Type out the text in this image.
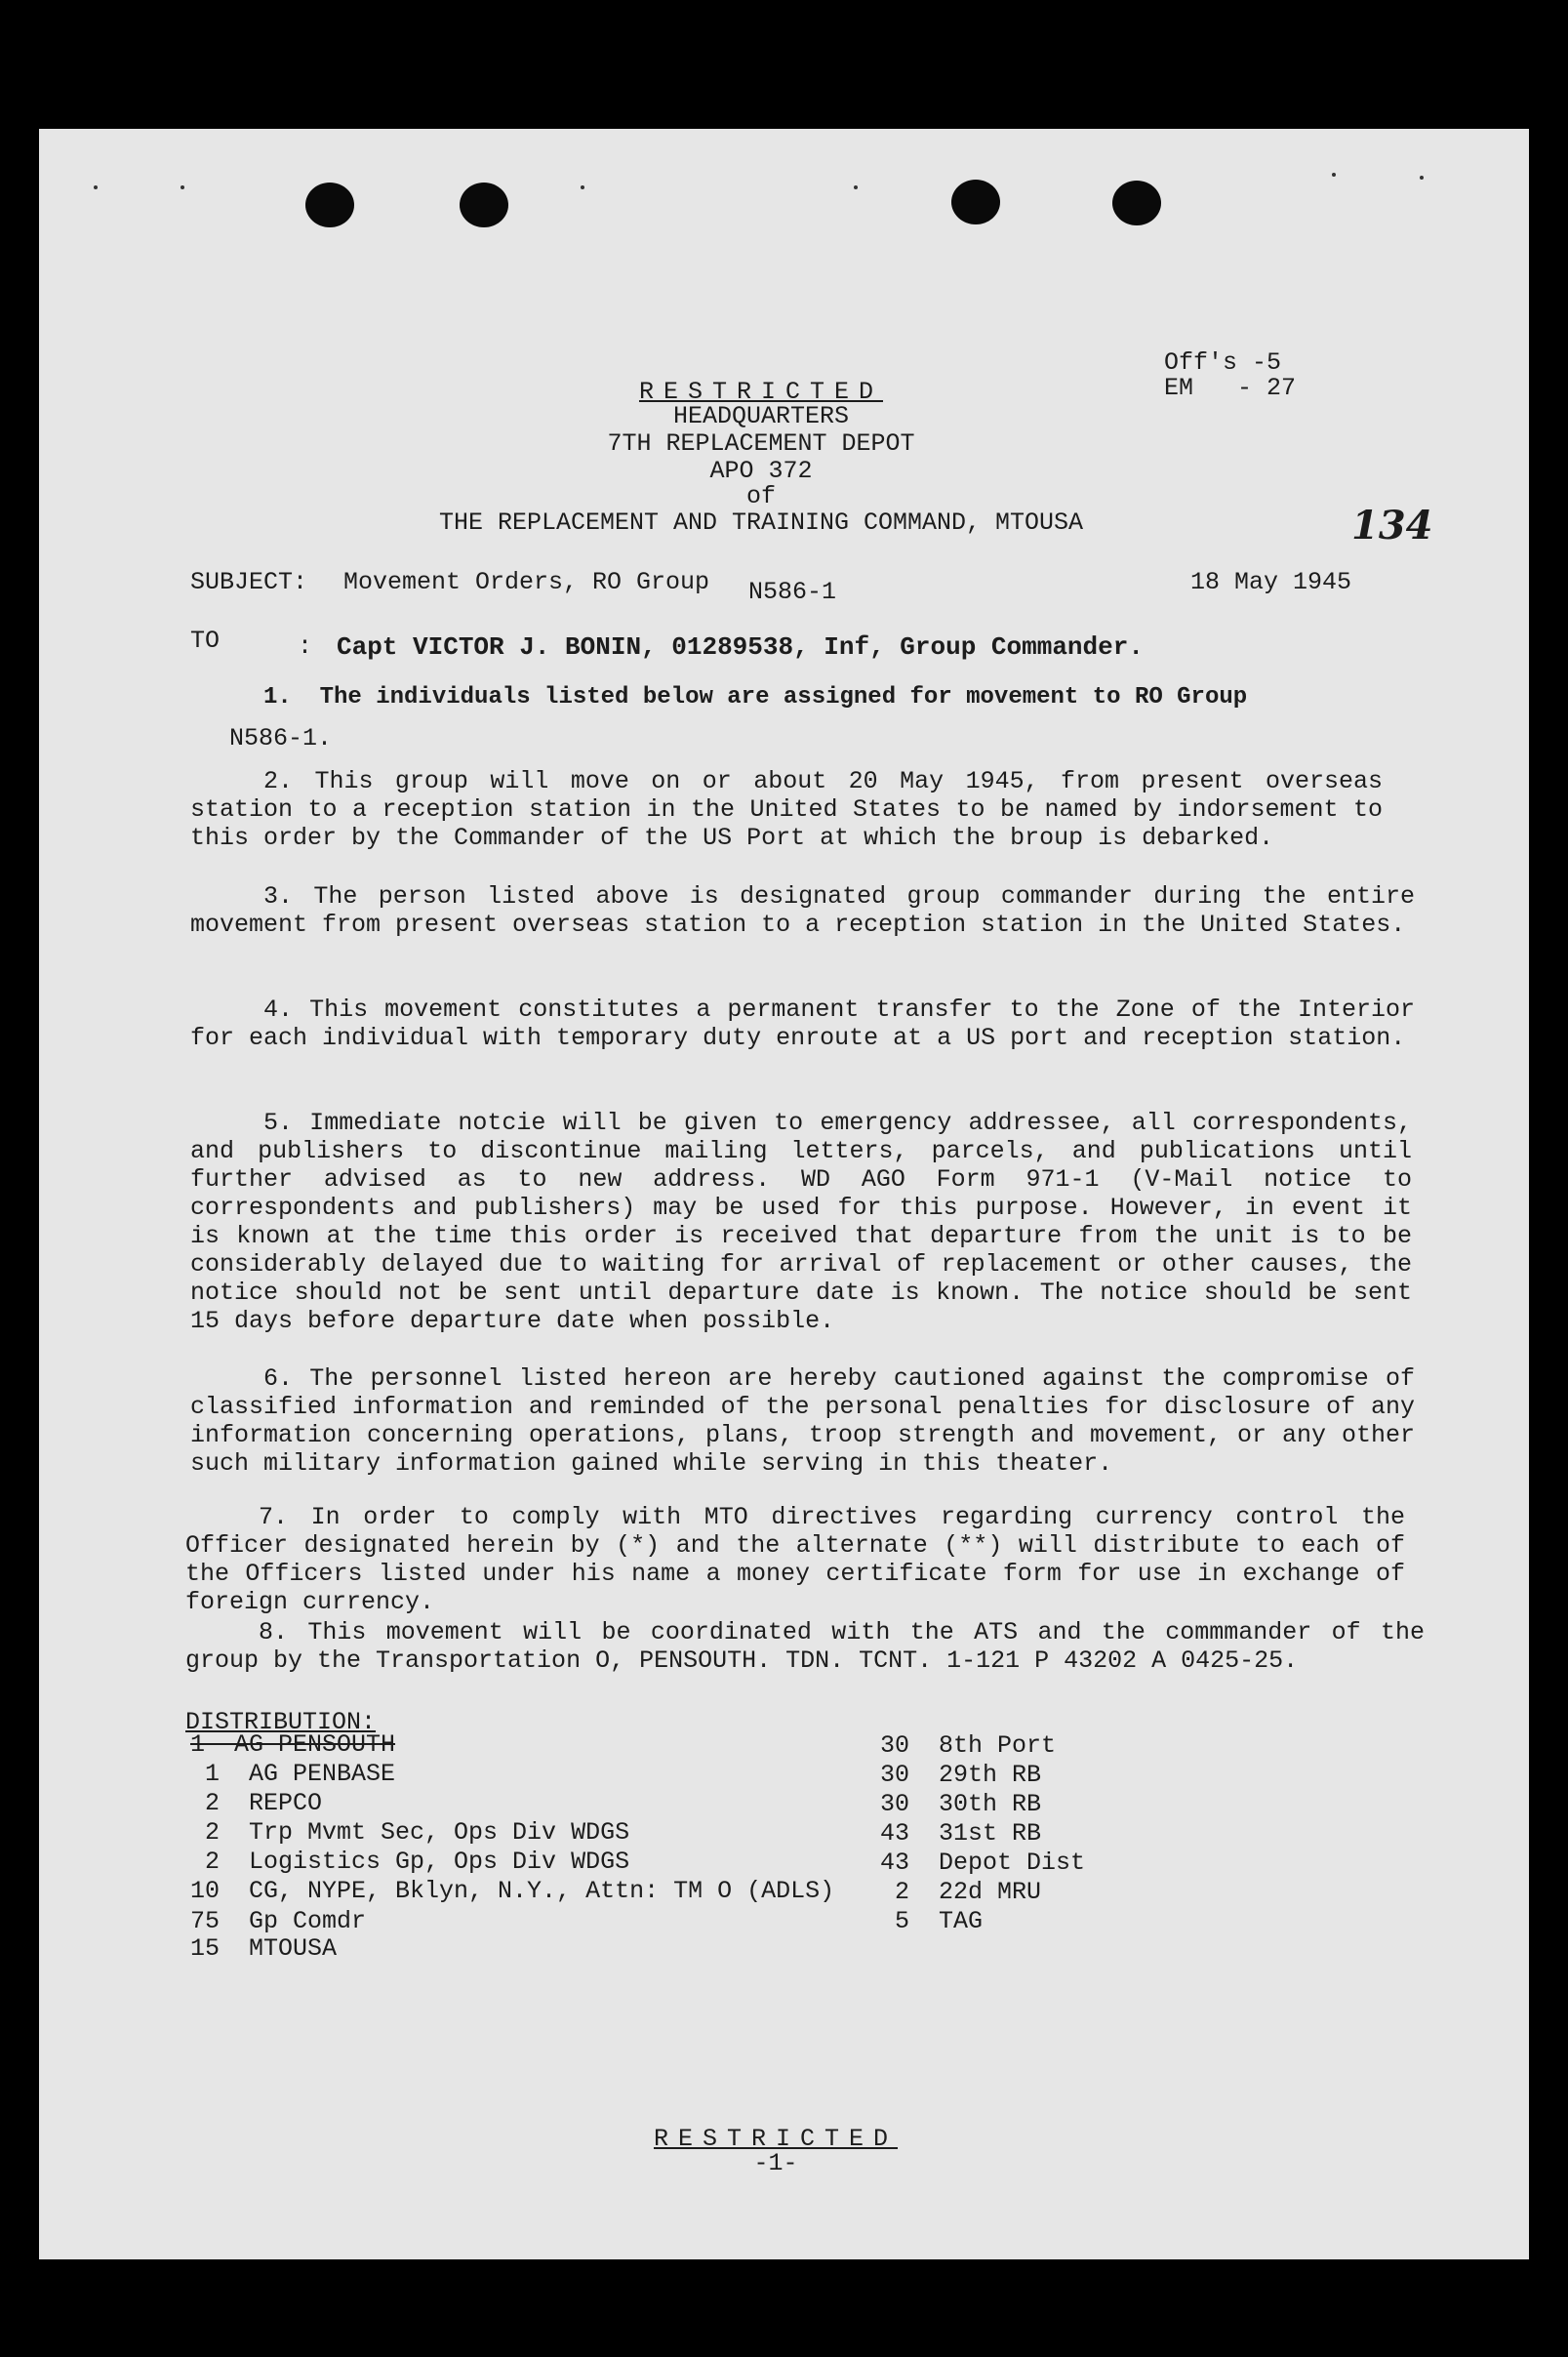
RESTRICTED
HEADQUARTERS
7TH REPLACEMENT DEPOT
APO 372
of
THE REPLACEMENT AND TRAINING COMMAND, MTOUSA
Off's -5
EM   - 27
134
SUBJECT: Movement Orders, RO Group N586-1	18 May 1945
TO	: Capt VICTOR J. BONIN, 01289538, Inf, Group Commander.
1.  The individuals listed below are assigned for movement to RO Group
N586-1.
2. This group will move on or about 20 May 1945, from present overseas station to a reception station in the United States to be named by indorsement to this order by the Commander of the US Port at which the broup is debarked.
3. The person listed above is designated group commander during the entire movement from present overseas station to a reception station in the United States.
4. This movement constitutes a permanent transfer to the Zone of the Interior for each individual with temporary duty enroute at a US port and reception station.
5. Immediate notcie will be given to emergency addressee, all correspondents, and publishers to discontinue mailing letters, parcels, and publications until further advised as to new address. WD AGO Form 971-1 (V-Mail notice to correspondents and publishers) may be used for this purpose. However, in event it is known at the time this order is received that departure from the unit is to be considerably delayed due to waiting for arrival of replacement or other causes, the notice should not be sent until departure date is known. The notice should be sent 15 days before departure date when possible.
6. The personnel listed hereon are hereby cautioned against the compromise of classified information and reminded of the personal penalties for disclosure of any information concerning operations, plans, troop strength and movement, or any other such military information gained while serving in this theater.
7. In order to comply with MTO directives regarding currency control the Officer designated herein by (*) and the alternate (**) will distribute to each of the Officers listed under his name a money certificate form for use in exchange of foreign currency.
8. This movement will be coordinated with the ATS and the commmander of the group by the Transportation O, PENSOUTH. TDN. TCNT. 1-121 P 43202 A 0425-25.
DISTRIBUTION:
1  AG PENSOUTH
1  AG PENBASE
2  REPCO
2  Trp Mvmt Sec, Ops Div WDGS
2  Logistics Gp, Ops Div WDGS
10  CG, NYPE, Bklyn, N.Y., Attn: TM O (ADLS)
75  Gp Comdr
15  MTOUSA
30  8th Port
30  29th RB
30  30th RB
43  31st RB
43  Depot Dist
2  22d MRU
5  TAG
RESTRICTED
-1-
